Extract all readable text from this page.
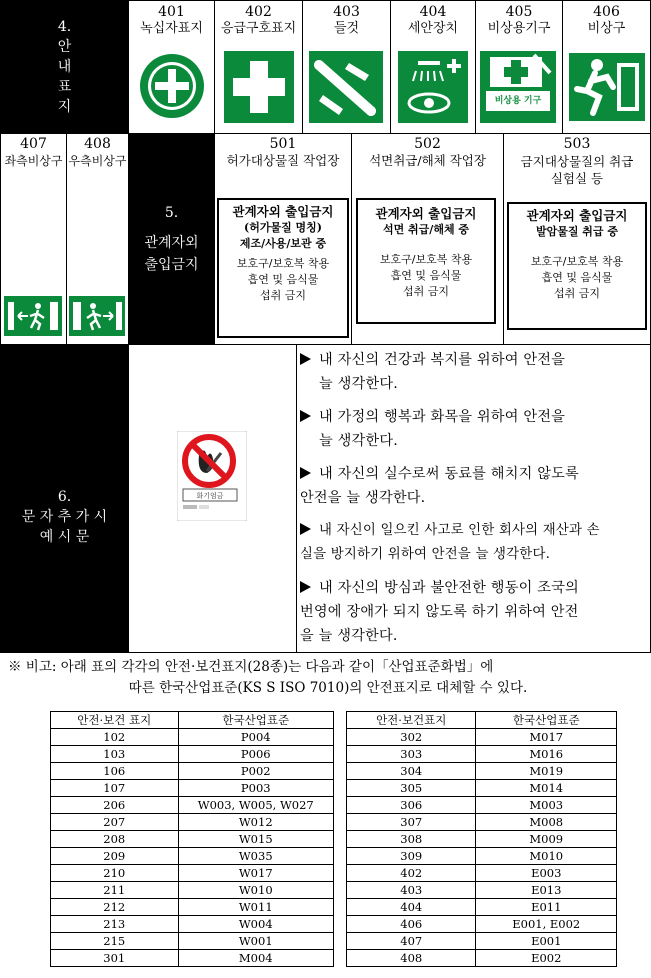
4.
안
내
표
지
401
녹십자표지
402
응급구호표지
403
들것
404
세안장치
405
비상용기구
비상용 기구
406
비상구
407
좌측비상구
408
우측비상구
5.
관계자외
출입금지
501
허가대상물질 작업장
관계자외 출입금지
(허가물질 명칭)
제조/사용/보관 중
보호구/보호복 착용
흡연 및 음식물
섭취 금지
502
석면취급/해체 작업장
관계자외 출입금지
석면 취급/해체 중
보호구/보호복 착용
흡연 및 음식물
섭취 금지
503
금지대상물질의 취급
실험실 등
관계자외 출입금지
발암물질 취급 중
보호구/보호복 착용
흡연 및 음식물
섭취 금지
6.
문 자 추 가 시
예 시 문
화기엄금
내 자신의 건강과 복지를 위하여 안전을
늘 생각한다.
내 가정의 행복과 화목을 위하여 안전을
늘 생각한다.
내 자신의 실수로써 동료를 해치지 않도록
안전을 늘 생각한다.
내 자신이 일으킨 사고로 인한 회사의 재산과 손
실을 방지하기 위하여 안전을 늘 생각한다.
내 자신의 방심과 불안전한 행동이 조국의
번영에 장애가 되지 않도록 하기 위하여 안전
을 늘 생각한다.
※ 비고: 아래 표의 각각의 안전·보건표지(28종)는 다음과 같이「산업표준화법」에
따른 한국산업표준(KS S ISO 7010)의 안전표지로 대체할 수 있다.
안전·보건 표지	한국산업표준
102	P004
103	P006
106	P002
107	P003
206	W003, W005, W027
207	W012
208	W015
209	W035
210	W017
211	W010
212	W011
213	W004
215	W001
301	M004
안전·보건표지	한국산업표준
302	M017
303	M016
304	M019
305	M014
306	M003
307	M008
308	M009
309	M010
402	E003
403	E013
404	E011
406	E001, E002
407	E001
408	E002
